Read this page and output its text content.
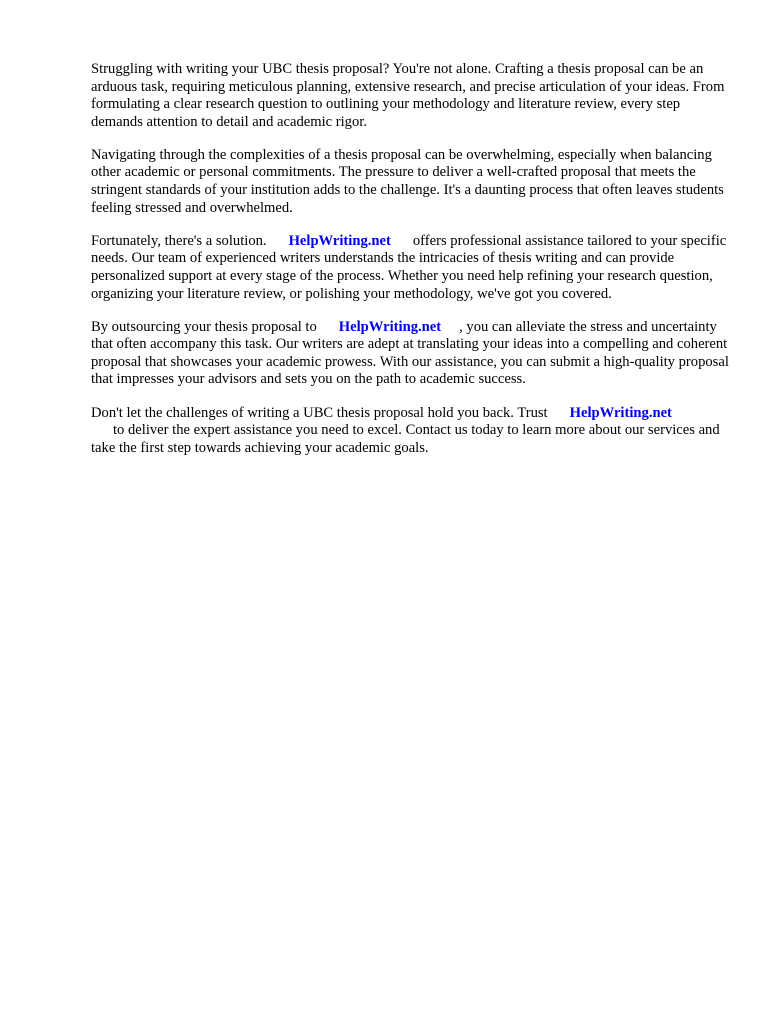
Struggling with writing your UBC thesis proposal? You're not alone. Crafting a thesis proposal can be an arduous task, requiring meticulous planning, extensive research, and precise articulation of your ideas. From formulating a clear research question to outlining your methodology and literature review, every step demands attention to detail and academic rigor.

Navigating through the complexities of a thesis proposal can be overwhelming, especially when balancing other academic or personal commitments. The pressure to deliver a well-crafted proposal that meets the stringent standards of your institution adds to the challenge. It's a daunting process that often leaves students feeling stressed and overwhelmed.

Fortunately, there's a solution. HelpWriting.net offers professional assistance tailored to your specific needs. Our team of experienced writers understands the intricacies of thesis writing and can provide personalized support at every stage of the process. Whether you need help refining your research question, organizing your literature review, or polishing your methodology, we've got you covered.

By outsourcing your thesis proposal to HelpWriting.net , you can alleviate the stress and uncertainty that often accompany this task. Our writers are adept at translating your ideas into a compelling and coherent proposal that showcases your academic prowess. With our assistance, you can submit a high-quality proposal that impresses your advisors and sets you on the path to academic success.

Don't let the challenges of writing a UBC thesis proposal hold you back. Trust HelpWriting.net
to deliver the expert assistance you need to excel. Contact us today to learn more about our services and take the first step towards achieving your academic goals.
